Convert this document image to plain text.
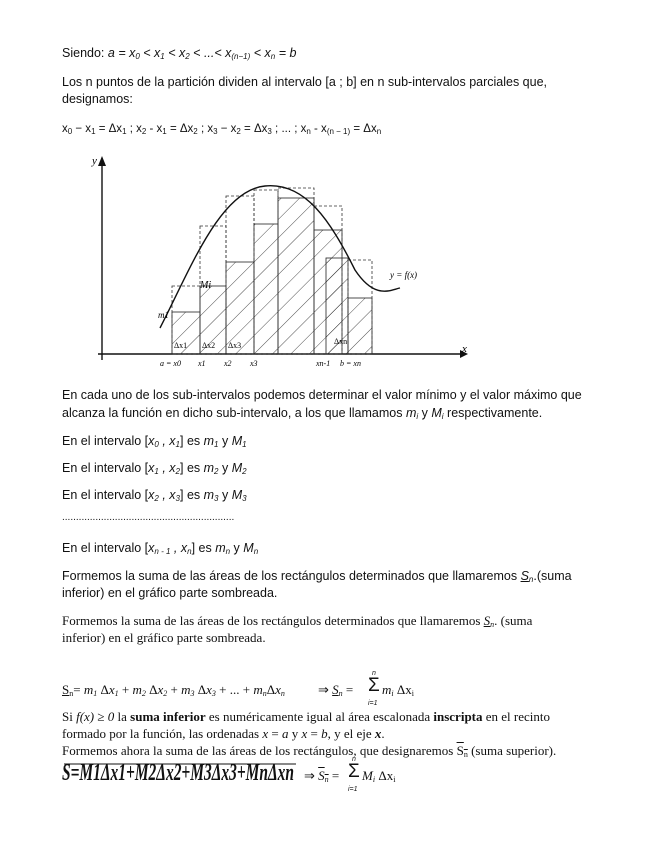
Siendo: $a = x_0 < x_1 < x_2$ < ...< $x_{(n-1)} < x_n = b$
Los n puntos de la partición dividen al intervalo [a ; b] en n sub-intervalos parciales que,
designamos:
$x_0 - x_1 = \Delta x_1$ ; $x_2 - x_1 = \Delta x_2$ ; $x_3 - x_2 = \Delta x_3$ ; ... ; $x_n - x_{(n - 1)} = \Delta x_n$
y
x
y = f(x)
Mi
m1
Δx1 Δx2 Δx3	Δxn
a = x0 x1 x2 x3	xn-1 b = xn
En cada uno de los sub-intervalos podemos determinar el valor mínimo y el valor máximo que
alcanza la función en dicho sub-intervalo, a los que llamamos $m_i$ y $M_i$ respectivamente.
En el intervalo [$x_0$ , $x_1$] es $m_1$ y $M_1$
En el intervalo [$x_1$ , $x_2$] es $m_2$ y $M_2$
En el intervalo [$x_2$ , $x_3$] es $m_3$ y $M_3$
..............................................................
En el intervalo [$x_{n - 1}$ , $x_n$] es $m_n$ y $M_n$
Formemos la suma de las áreas de los rectángulos determinados que llamaremos $S_n.(suma$
inferior) en el gráfico parte sombreada.
Formemos la suma de las áreas de los rectángulos determinados que llamaremos $S_n$. (suma
inferior) en el gráfico parte sombreada.
$S_n= m_1$ $\Delta x_1 + m_2$ $\Delta x_2 + m_3$ $\Delta x_3$ + ... + $m_n\Delta x_n$	⇒ $S_n = \Sigma$
n
i=1
$m_i$ $\Delta x_i$
Si f(x) ≥ 0 la suma inferior es numéricamente igual al área escalonada inscripta en el recinto
formado por la función, las ordenadas x = a y x = b, y el eje x.
Formemos ahora la suma de las áreas de los rectángulos, que designaremos $S_n$ (suma superior).
S=M1Δx1+M2Δx2+M3Δx3+MnΔxn ⇒ $S_n = \Sigma$
n
i=1
$M_i$ $\Delta x_i$
